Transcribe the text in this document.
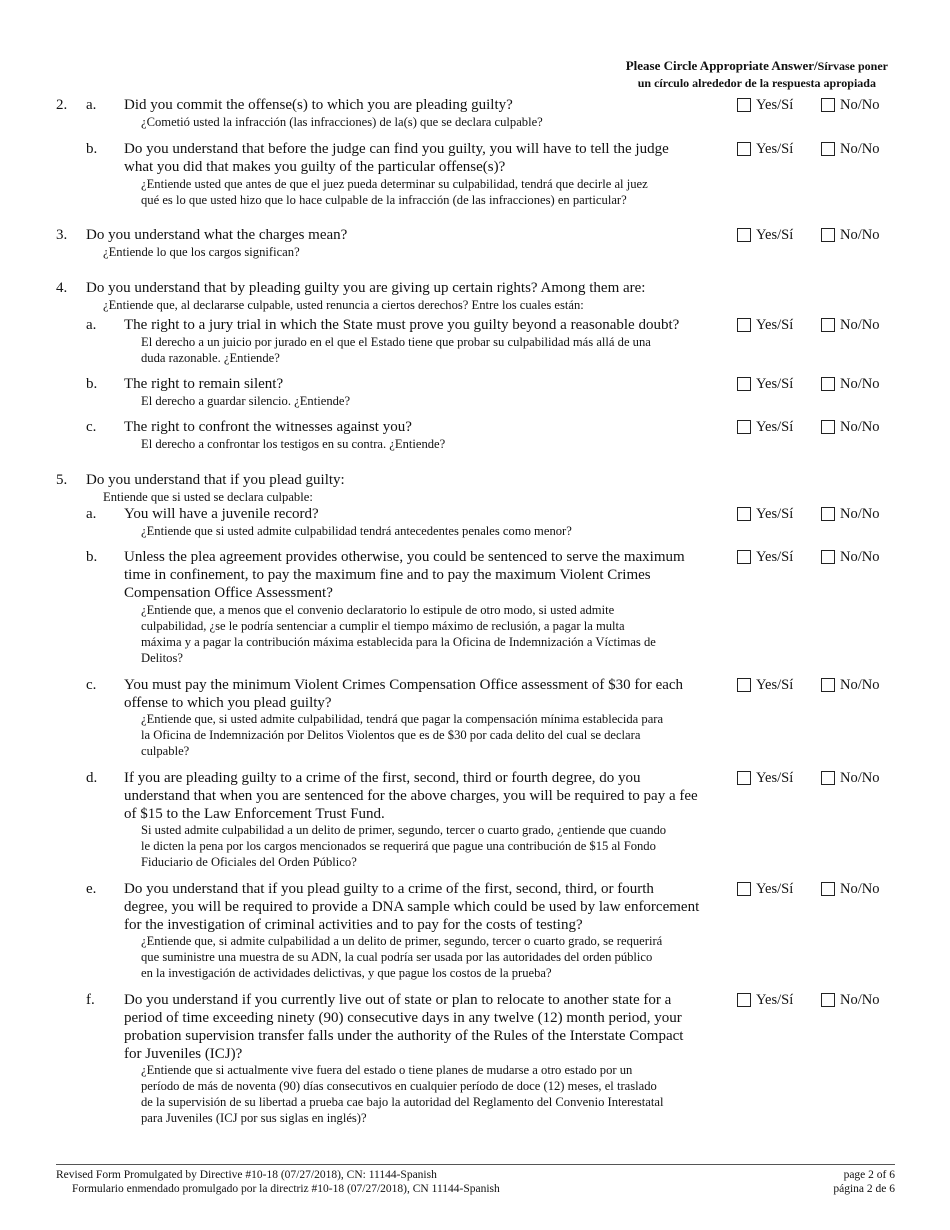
Please Circle Appropriate Answer/Sírvase poner
un círculo alrededor de la respuesta apropiada
2. a. Did you commit the offense(s) to which you are pleading guilty?
¿Cometió usted la infracción (las infracciones) de la(s) que se declara culpable?
Yes/Sí	No/No
b. Do you understand that before the judge can find you guilty, you will have to tell the judge
what you did that makes you guilty of the particular offense(s)?
¿Entiende usted que antes de que el juez pueda determinar su culpabilidad, tendrá que decirle al juez
qué es lo que usted hizo que lo hace culpable de la infracción (de las infracciones) en particular?
Yes/Sí	No/No
3. Do you understand what the charges mean?
¿Entiende lo que los cargos significan?
Yes/Sí	No/No
4. Do you understand that by pleading guilty you are giving up certain rights? Among them are:
¿Entiende que, al declararse culpable, usted renuncia a ciertos derechos? Entre los cuales están:
a. The right to a jury trial in which the State must prove you guilty beyond a reasonable doubt?
El derecho a un juicio por jurado en el que el Estado tiene que probar su culpabilidad más allá de una
duda razonable. ¿Entiende?
Yes/Sí	No/No
b. The right to remain silent?
El derecho a guardar silencio. ¿Entiende?
Yes/Sí	No/No
c. The right to confront the witnesses against you?
El derecho a confrontar los testigos en su contra. ¿Entiende?
Yes/Sí	No/No
5. Do you understand that if you plead guilty:
Entiende que si usted se declara culpable:
a. You will have a juvenile record?
¿Entiende que si usted admite culpabilidad tendrá antecedentes penales como menor?
Yes/Sí	No/No
b. Unless the plea agreement provides otherwise, you could be sentenced to serve the maximum
time in confinement, to pay the maximum fine and to pay the maximum Violent Crimes
Compensation Office Assessment?
¿Entiende que, a menos que el convenio declaratorio lo estipule de otro modo, si usted admite
culpabilidad, ¿se le podría sentenciar a cumplir el tiempo máximo de reclusión, a pagar la multa
máxima y a pagar la contribución máxima establecida para la Oficina de Indemnización a Víctimas de
Delitos?
Yes/Sí	No/No
c. You must pay the minimum Violent Crimes Compensation Office assessment of $30 for each
offense to which you plead guilty?
¿Entiende que, si usted admite culpabilidad, tendrá que pagar la compensación mínima establecida para
la Oficina de Indemnización por Delitos Violentos que es de $30 por cada delito del cual se declara
culpable?
Yes/Sí	No/No
d. If you are pleading guilty to a crime of the first, second, third or fourth degree, do you
understand that when you are sentenced for the above charges, you will be required to pay a fee
of $15 to the Law Enforcement Trust Fund.
Si usted admite culpabilidad a un delito de primer, segundo, tercer o cuarto grado, ¿entiende que cuando
le dicten la pena por los cargos mencionados se requerirá que pague una contribución de $15 al Fondo
Fiduciario de Oficiales del Orden Público?
Yes/Sí	No/No
e. Do you understand that if you plead guilty to a crime of the first, second, third, or fourth
degree, you will be required to provide a DNA sample which could be used by law enforcement
for the investigation of criminal activities and to pay for the costs of testing?
¿Entiende que, si admite culpabilidad a un delito de primer, segundo, tercer o cuarto grado, se requerirá
que suministre una muestra de su ADN, la cual podría ser usada por las autoridades del orden público
en la investigación de actividades delictivas, y que pague los costos de la prueba?
Yes/Sí	No/No
f. Do you understand if you currently live out of state or plan to relocate to another state for a
period of time exceeding ninety (90) consecutive days in any twelve (12) month period, your
probation supervision transfer falls under the authority of the Rules of the Interstate Compact
for Juveniles (ICJ)?
¿Entiende que si actualmente vive fuera del estado o tiene planes de mudarse a otro estado por un
período de más de noventa (90) días consecutivos en cualquier período de doce (12) meses, el traslado
de la supervisión de su libertad a prueba cae bajo la autoridad del Reglamento del Convenio Interestatal
para Juveniles (ICJ por sus siglas en inglés)?
Yes/Sí	No/No
Revised Form Promulgated by Directive #10-18 (07/27/2018), CN: 11144-Spanish
Formulario enmendado promulgado por la directriz #10-18 (07/27/2018), CN 11144-Spanish
page 2 of 6
página 2 de 6
